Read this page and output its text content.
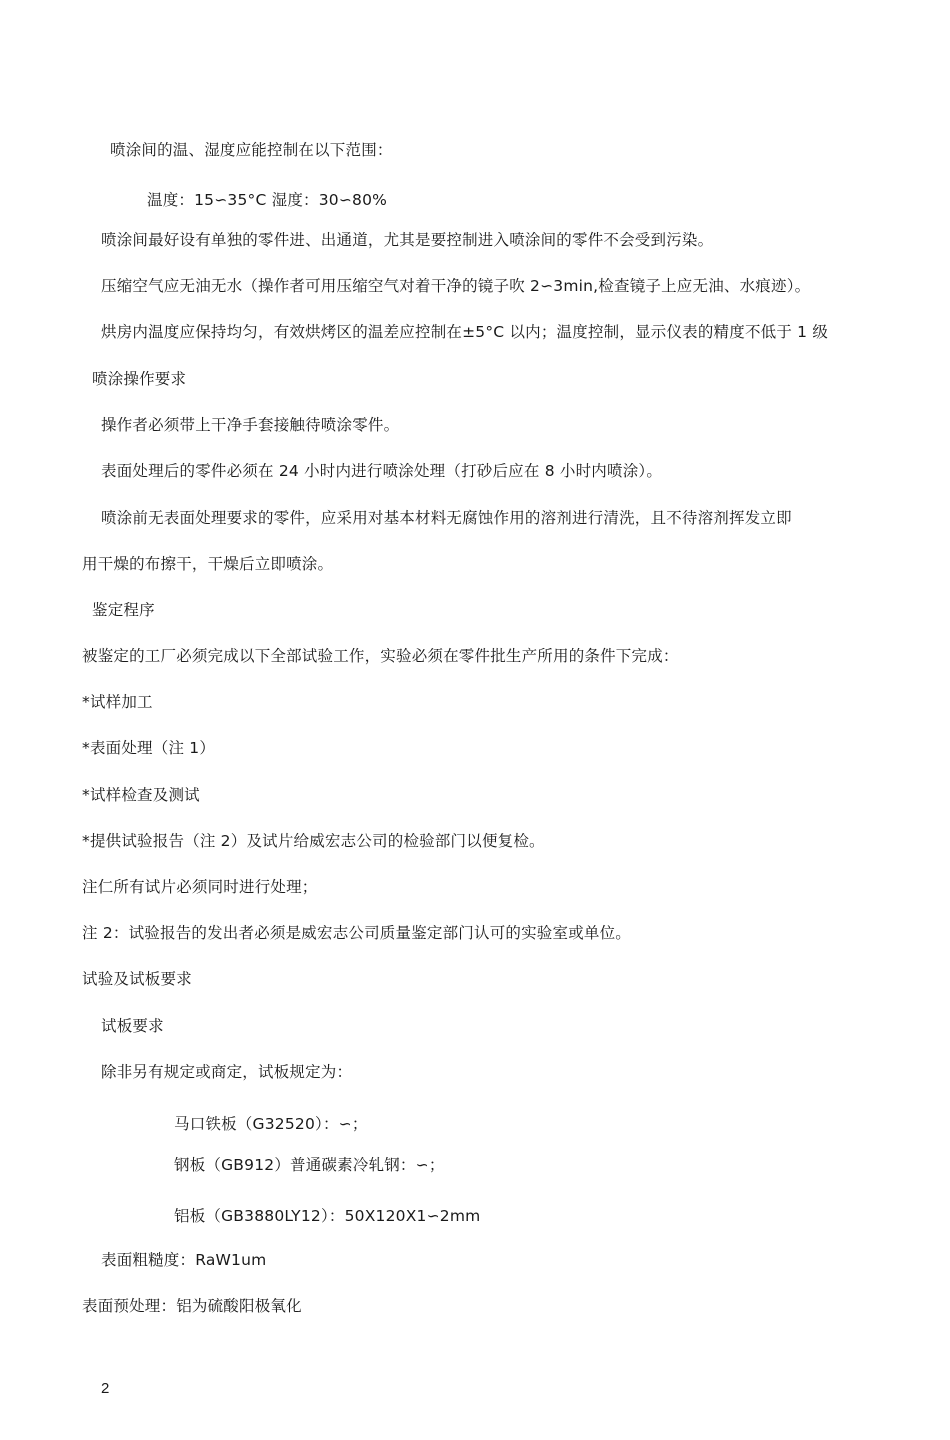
喷涂间的温、湿度应能控制在以下范围：
温度：15∽35°C 湿度：30∽80%
喷涂间最好设有单独的零件进、出通道，尤其是要控制进入喷涂间的零件不会受到污染。
压缩空气应无油无水（操作者可用压缩空气对着干净的镜子吹 2∽3min,检查镜子上应无油、水痕迹）。
烘房内温度应保持均匀，有效烘烤区的温差应控制在±5°C 以内；温度控制，显示仪表的精度不低于 1 级
喷涂操作要求
操作者必须带上干净手套接触待喷涂零件。
表面处理后的零件必须在 24 小时内进行喷涂处理（打砂后应在 8 小时内喷涂）。
喷涂前无表面处理要求的零件，应采用对基本材料无腐蚀作用的溶剂进行清洗，且不待溶剂挥发立即
用干燥的布擦干，干燥后立即喷涂。
鉴定程序
被鉴定的工厂必须完成以下全部试验工作，实验必须在零件批生产所用的条件下完成：
*试样加工
*表面处理（注 1）
*试样检查及测试
*提供试验报告（注 2）及试片给威宏志公司的检验部门以便复检。
注仁所有试片必须同时进行处理；
注 2：试验报告的发出者必须是威宏志公司质量鉴定部门认可的实验室或单位。
试验及试板要求
试板要求
除非另有规定或商定，试板规定为：
马口铁板（G32520）：∽；
钢板（GB912）普通碳素冷轧钢：∽；
铝板（GB3880LY12）：50X120X1∽2mm
表面粗糙度：RaW1um
表面预处理：铝为硫酸阳极氧化
2
